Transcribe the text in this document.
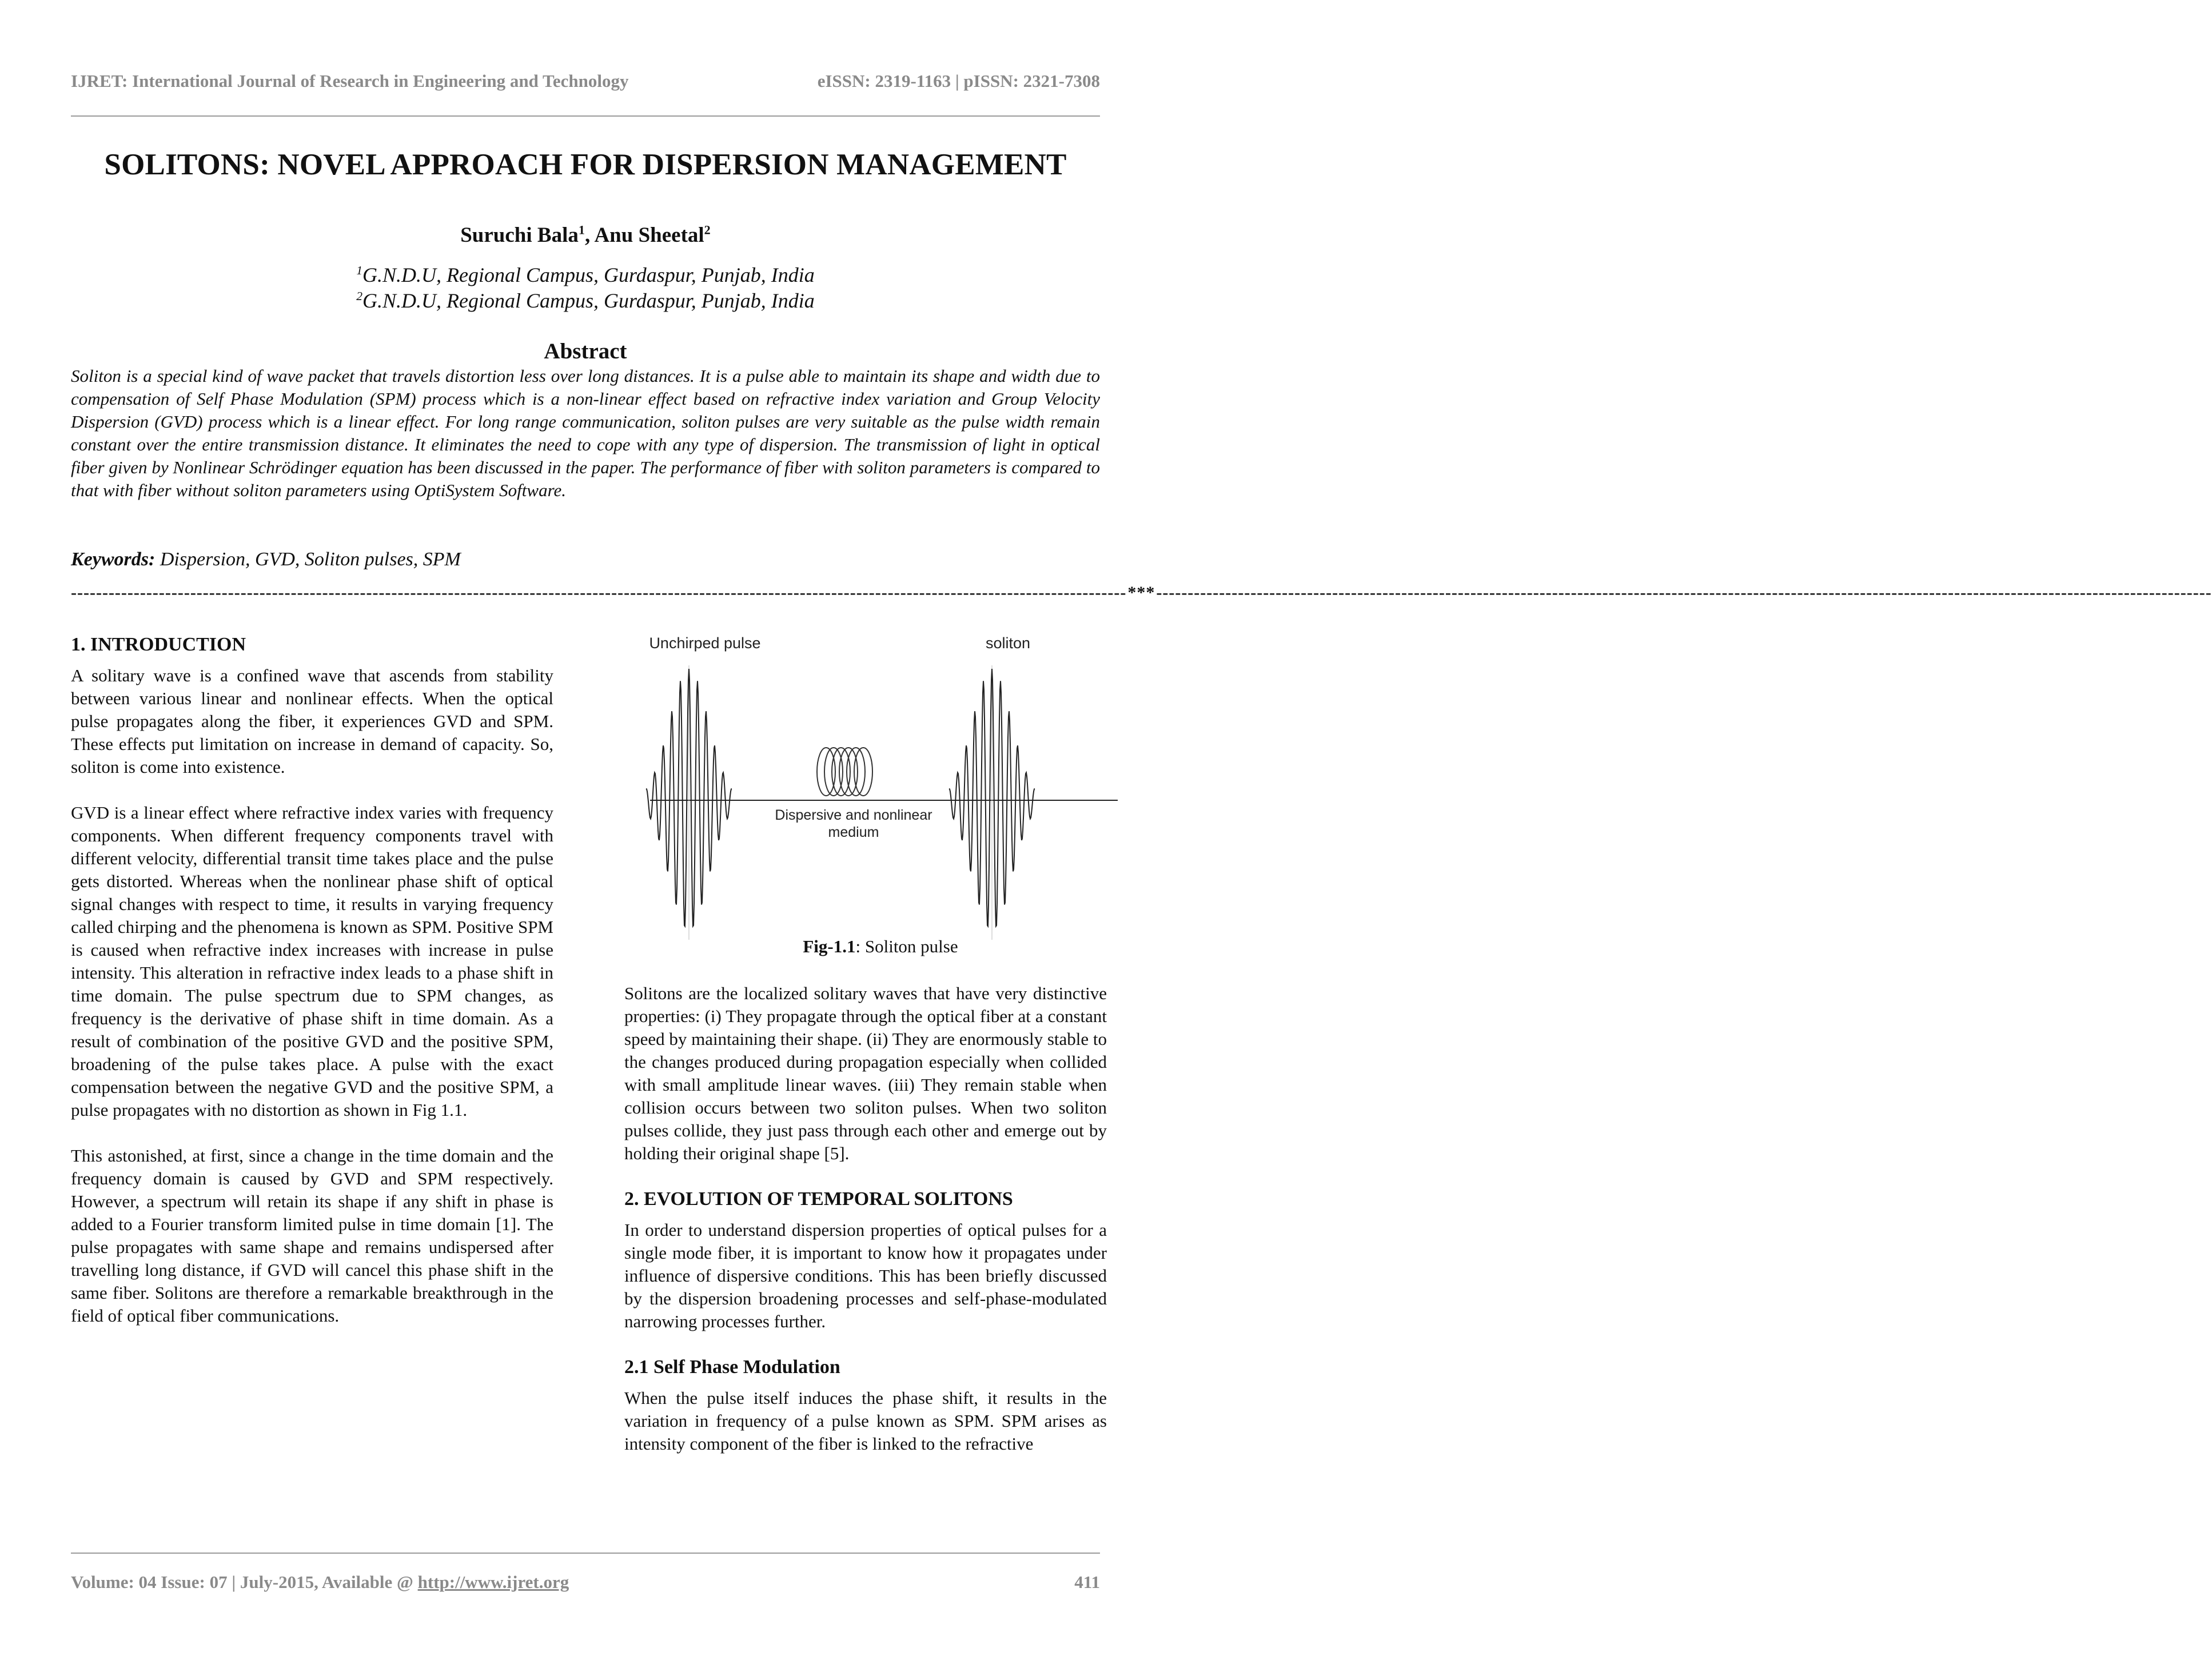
IJRET: International Journal of Research in Engineering and Technology	eISSN: 2319-1163 | pISSN: 2321-7308
SOLITONS: NOVEL APPROACH FOR DISPERSION MANAGEMENT
Suruchi Bala$^1$, Anu Sheetal$^2$
$^1$G.N.D.U, Regional Campus, Gurdaspur, Punjab, India
$^2$G.N.D.U, Regional Campus, Gurdaspur, Punjab, India
Abstract
Soliton is a special kind of wave packet that travels distortion less over long distances. It is a pulse able to maintain its shape and width due to compensation of Self Phase Modulation (SPM) process which is a non-linear effect based on refractive index variation and Group Velocity Dispersion (GVD) process which is a linear effect. For long range communication, soliton pulses are very suitable as the pulse width remain constant over the entire transmission distance. It eliminates the need to cope with any type of dispersion. The transmission of light in optical fiber given by Nonlinear Schrödinger equation has been discussed in the paper. The performance of fiber with soliton parameters is compared to that with fiber without soliton parameters using OptiSystem Software.
Keywords: Dispersion, GVD, Soliton pulses, SPM
------------------------------------------------------------------------------------------------------------------------------------------------------------------------ *** ------------------------------------------------------------------------------------------------------------------------------------------------------------------------
1. INTRODUCTION

A solitary wave is a confined wave that ascends from stability between various linear and nonlinear effects. When the optical pulse propagates along the fiber, it experiences GVD and SPM. These effects put limitation on increase in demand of capacity. So, soliton is come into existence.

GVD is a linear effect where refractive index varies with frequency components. When different frequency components travel with different velocity, differential transit time takes place and the pulse gets distorted. Whereas when the nonlinear phase shift of optical signal changes with respect to time, it results in varying frequency called chirping and the phenomena is known as SPM. Positive SPM is caused when refractive index increases with increase in pulse intensity. This alteration in refractive index leads to a phase shift in time domain. The pulse spectrum due to SPM changes, as frequency is the derivative of phase shift in time domain. As a result of combination of the positive GVD and the positive SPM, broadening of the pulse takes place. A pulse with the exact compensation between the negative GVD and the positive SPM, a pulse propagates with no distortion as shown in Fig 1.1.

This astonished, at first, since a change in the time domain and the frequency domain is caused by GVD and SPM respectively. However, a spectrum will retain its shape if any shift in phase is added to a Fourier transform limited pulse in time domain [1]. The pulse propagates with same shape and remains undispersed after travelling long distance, if GVD will cancel this phase shift in the same fiber. Solitons are therefore a remarkable breakthrough in the field of optical fiber communications.

Unchirped pulse	soliton
Dispersive and nonlinear
medium
Fig-1.1: Soliton pulse

Solitons are the localized solitary waves that have very distinctive properties: (i) They propagate through the optical fiber at a constant speed by maintaining their shape. (ii) They are enormously stable to the changes produced during propagation especially when collided with small amplitude linear waves. (iii) They remain stable when collision occurs between two soliton pulses. When two soliton pulses collide, they just pass through each other and emerge out by holding their original shape [5].

2. EVOLUTION OF TEMPORAL SOLITONS

In order to understand dispersion properties of optical pulses for a single mode fiber, it is important to know how it propagates under influence of dispersive conditions. This has been briefly discussed by the dispersion broadening processes and self-phase-modulated narrowing processes further.

2.1 Self Phase Modulation

When the pulse itself induces the phase shift, it results in the variation in frequency of a pulse known as SPM. SPM arises as intensity component of the fiber is linked to the refractive

Volume: 04 Issue: 07 | July-2015, Available @ http://www.ijret.org	411
